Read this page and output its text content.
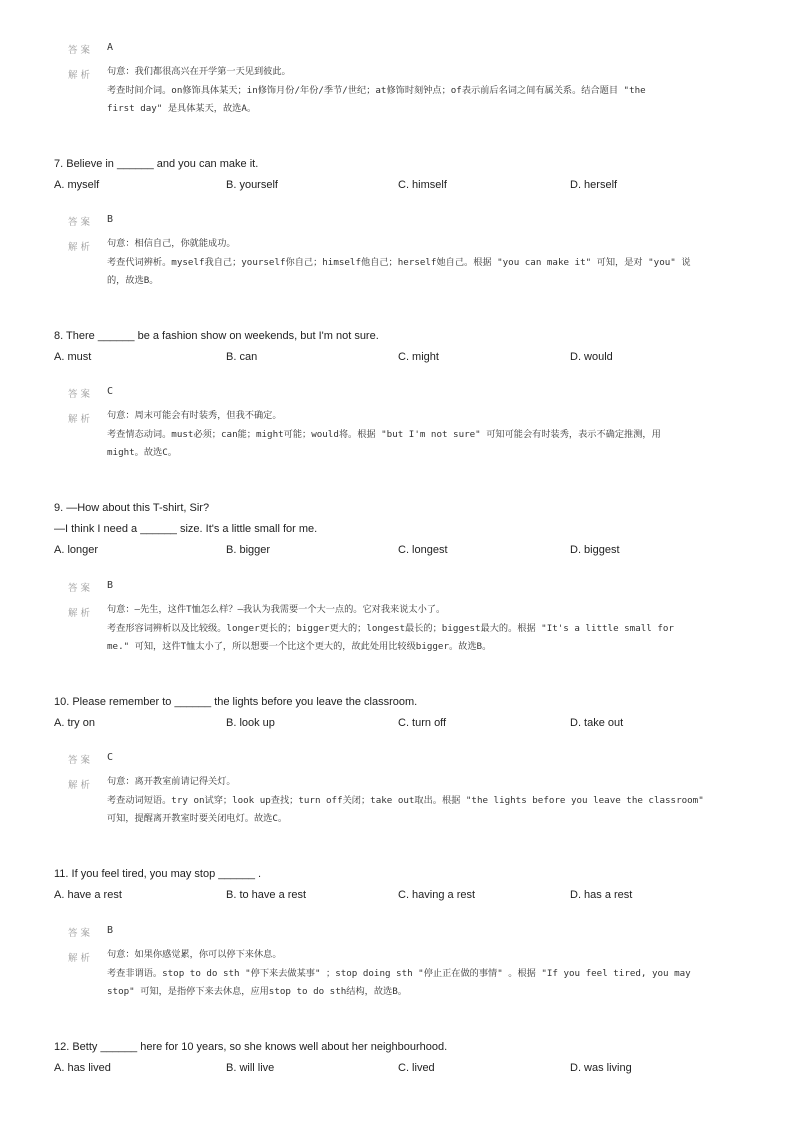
答案 A
解析 句意：我们都很高兴在开学第一天见到彼此。
考查时间介词。on修饰具体某天；in修饰月份/年份/季节/世纪；at修饰时刻钟点；of表示前后名词之间有属关系。结合题目 "the
first day" 是具体某天，故选A。
7. Believe in ______ and you can make it.
A. myself	B. yourself	C. himself	D. herself
答案 B
解析 句意：相信自己，你就能成功。
考查代词辨析。myself我自己；yourself你自己；himself他自己；herself她自己。根据 "you can make it" 可知，是对 "you" 说
的，故选B。
8. There ______ be a fashion show on weekends, but I'm not sure.
A. must	B. can	C. might	D. would
答案 C
解析 句意：周末可能会有时装秀，但我不确定。
考查情态动词。must必须；can能；might可能；would将。根据 "but I'm not sure" 可知可能会有时装秀，表示不确定推测，用
might。故选C。
9. —How about this T-shirt, Sir?
—I think I need a ______ size. It's a little small for me.
A. longer	B. bigger	C. longest	D. biggest
答案 B
解析 句意：—先生，这件T恤怎么样？—我认为我需要一个大一点的。它对我来说太小了。
考查形容词辨析以及比较级。longer更长的；bigger更大的；longest最长的；biggest最大的。根据 "It's a little small for
me." 可知，这件T恤太小了，所以想要一个比这个更大的，故此处用比较级bigger。故选B。
10. Please remember to ______ the lights before you leave the classroom.
A. try on	B. look up	C. turn off	D. take out
答案 C
解析 句意：离开教室前请记得关灯。
考查动词短语。try on试穿；look up查找；turn off关闭；take out取出。根据 "the lights before you leave the classroom"
可知，提醒离开教室时要关闭电灯。故选C。
11. If you feel tired, you may stop ______ .
A. have a rest	B. to have a rest	C. having a rest	D. has a rest
答案 B
解析 句意：如果你感觉累，你可以停下来休息。
考查非谓语。stop to do sth "停下来去做某事" ；stop doing sth "停止正在做的事情" 。根据 "If you feel tired, you may
stop" 可知，是指停下来去休息，应用stop to do sth结构，故选B。
12. Betty ______ here for 10 years, so she knows well about her neighbourhood.
A. has lived	B. will live	C. lived	D. was living
